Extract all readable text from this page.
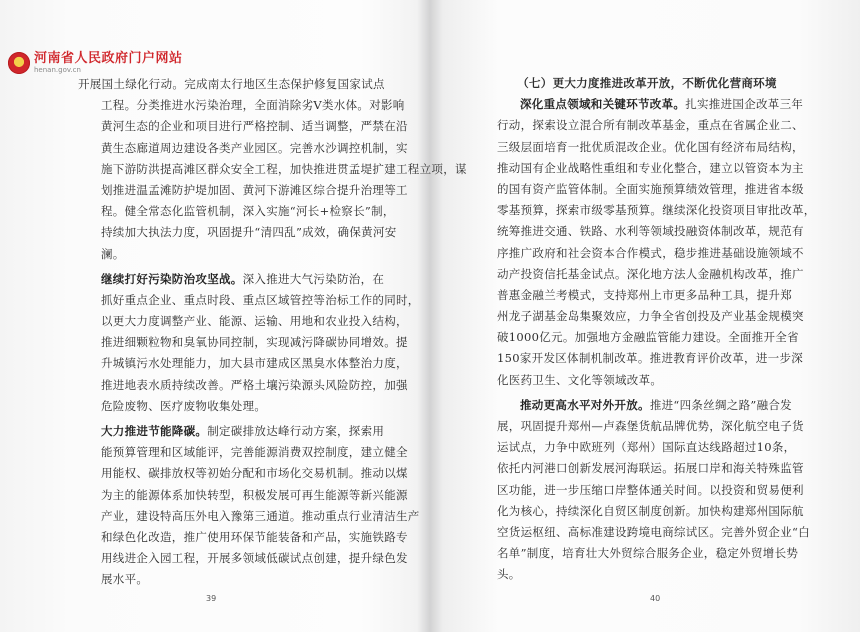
河南省人民政府门户网站
henan.gov.cn
开展国土绿化行动。完成南太行地区生态保护修复国家试点
工程。分类推进水污染治理，全面消除劣Ⅴ类水体。对影响
黄河生态的企业和项目进行严格控制、适当调整，严禁在沿
黄生态廊道周边建设各类产业园区。完善水沙调控机制，实
施下游防洪提高滩区群众安全工程，加快推进贯孟堤扩建工程立项，谋
划推进温孟滩防护堤加固、黄河下游滩区综合提升治理等工
程。健全常态化监管机制，深入实施“河长+检察长”制，
持续加大执法力度，巩固提升“清四乱”成效，确保黄河安
澜。
继续打好污染防治攻坚战。深入推进大气污染防治，在
抓好重点企业、重点时段、重点区域管控等治标工作的同时，
以更大力度调整产业、能源、运输、用地和农业投入结构，
推进细颗粒物和臭氧协同控制，实现减污降碳协同增效。提
升城镇污水处理能力，加大县市建成区黑臭水体整治力度，
推进地表水质持续改善。严格土壤污染源头风险防控，加强
危险废物、医疗废物收集处理。
大力推进节能降碳。制定碳排放达峰行动方案，探索用
能预算管理和区域能评，完善能源消费双控制度，建立健全
用能权、碳排放权等初始分配和市场化交易机制。推动以煤
为主的能源体系加快转型，积极发展可再生能源等新兴能源
产业，建设特高压外电入豫第三通道。推动重点行业清洁生产
和绿色化改造，推广使用环保节能装备和产品，实施铁路专
用线进企入园工程，开展多领域低碳试点创建，提升绿色发
展水平。
39
（七）更大力度推进改革开放，不断优化营商环境
深化重点领域和关键环节改革。扎实推进国企改革三年
行动，探索设立混合所有制改革基金，重点在省属企业二、
三级层面培育一批优质混改企业。优化国有经济布局结构，
推动国有企业战略性重组和专业化整合，建立以管资本为主
的国有资产监管体制。全面实施预算绩效管理，推进省本级
零基预算，探索市级零基预算。继续深化投资项目审批改革，
统筹推进交通、铁路、水利等领域投融资体制改革，规范有
序推广政府和社会资本合作模式，稳步推进基础设施领域不
动产投资信托基金试点。深化地方法人金融机构改革，推广
普惠金融兰考模式，支持郑州上市更多品种工具，提升郑
州龙子湖基金岛集聚效应，力争全省创投及产业基金规模突
破1000亿元。加强地方金融监管能力建设。全面推开全省
150家开发区体制机制改革。推进教育评价改革，进一步深
化医药卫生、文化等领域改革。
推动更高水平对外开放。推进“四条丝绸之路”融合发
展，巩固提升郑州—卢森堡货航品牌优势，深化航空电子货
运试点，力争中欧班列（郑州）国际直达线路超过10条，
依托内河港口创新发展河海联运。拓展口岸和海关特殊监管
区功能，进一步压缩口岸整体通关时间。以投资和贸易便利
化为核心，持续深化自贸区制度创新。加快构建郑州国际航
空货运枢纽、高标准建设跨境电商综试区。完善外贸企业“白
名单”制度，培育壮大外贸综合服务企业，稳定外贸增长势
头。
40
